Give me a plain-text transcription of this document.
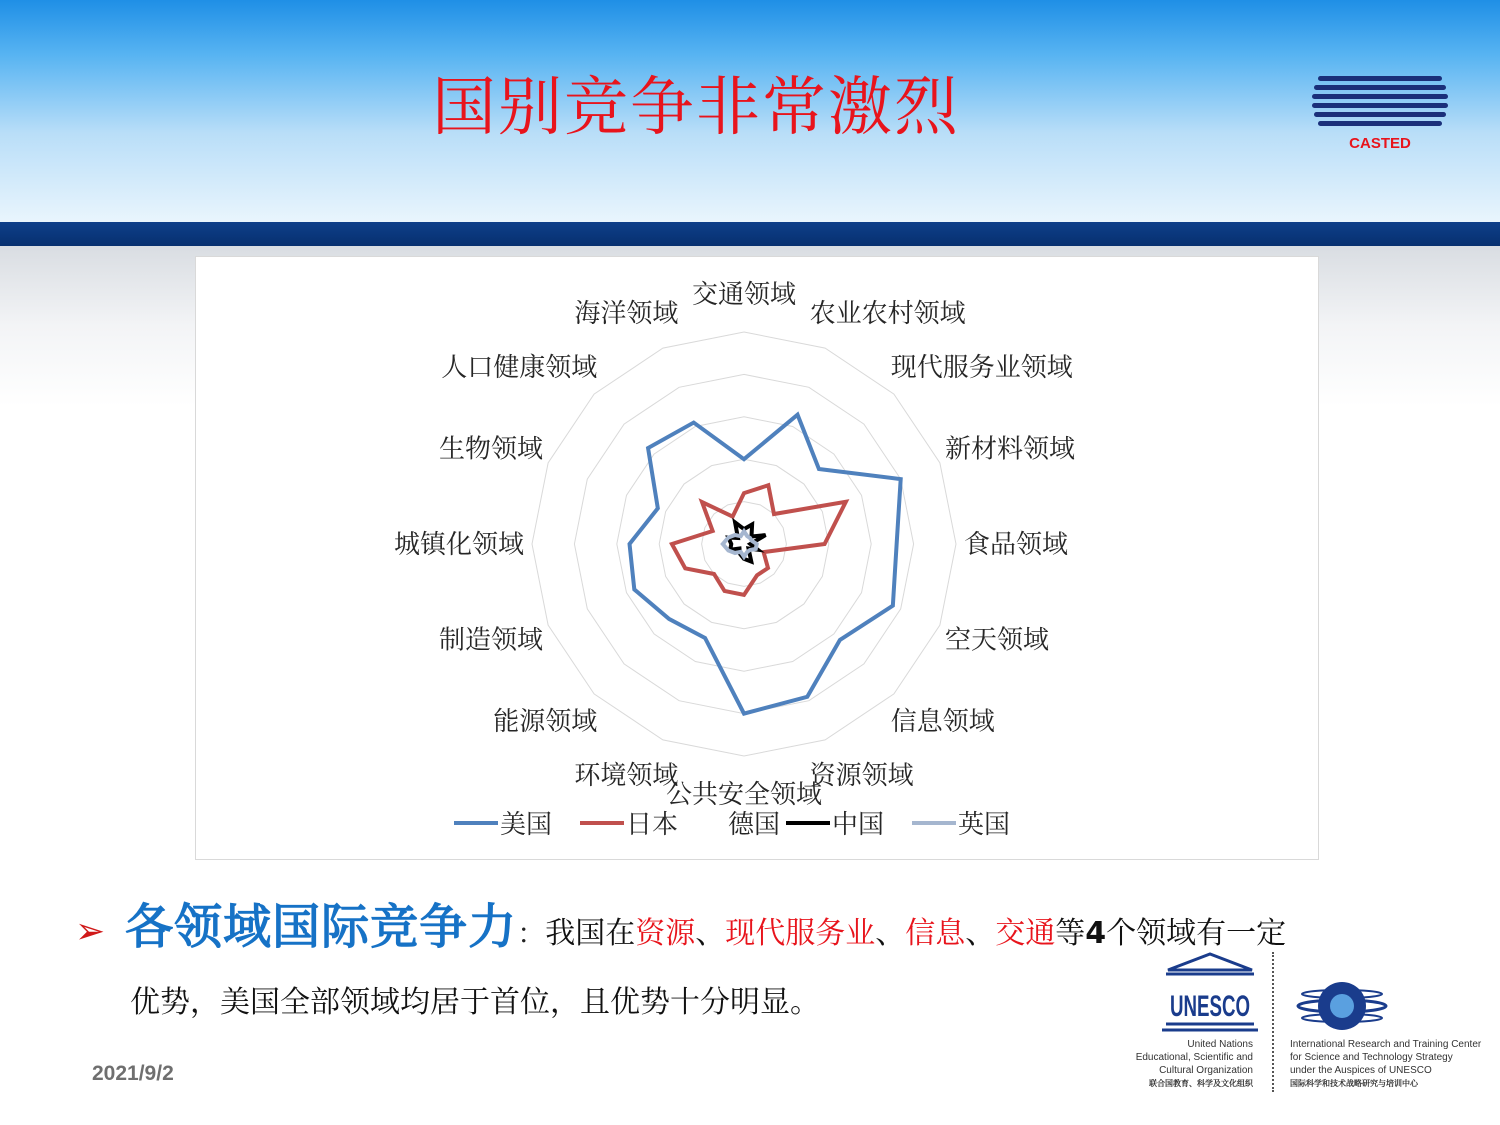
国别竞争非常激烈	CASTED
交通领域
农业农村领域
现代服务业领域
新材料领域
食品领域
空天领域
信息领域
资源领域
公共安全领域
环境领域
能源领域
制造领域
城镇化领域
生物领域
人口健康领域
海洋领域
美国	日本 德国 中国	英国
➢ 各领域国际竞争力 ： 我国在资源、现代服务业、信息、交通等4个领域有一定
优势，美国全部领域均居于首位，且优势十分明显。
2021/9/2
UNESCO
United Nations
Educational, Scientific and
Cultural Organization
联合国教育、科学及文化组织
International Research and Training Center
for Science and Technology Strategy
under the Auspices of UNESCO
国际科学和技术战略研究与培训中心
